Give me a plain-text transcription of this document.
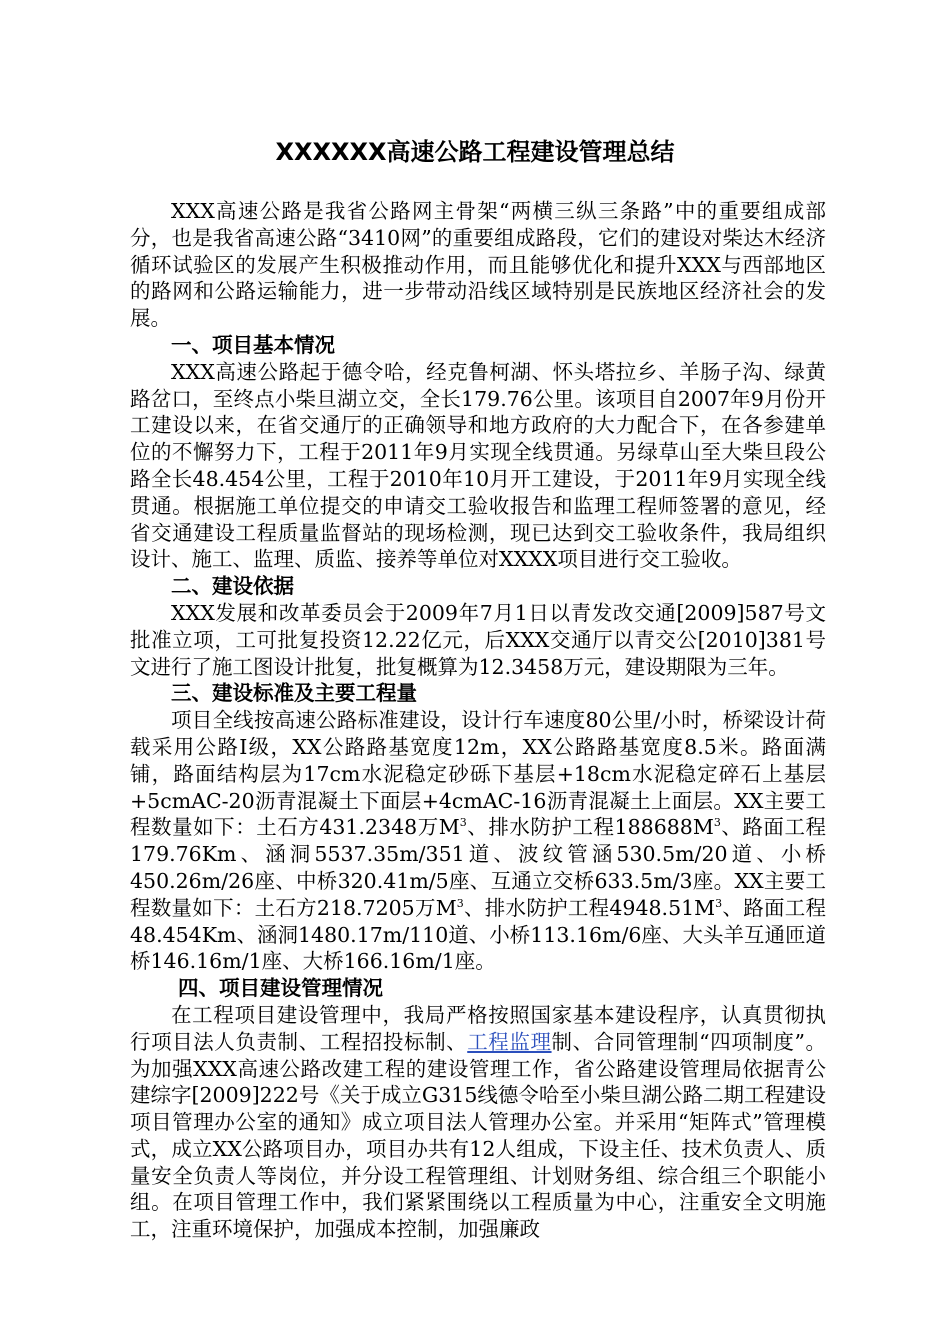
XXXXXX高速公路工程建设管理总结

XXX高速公路是我省公路网主骨架“两横三纵三条路”中的重要组成部分，也是我省高速公路“3410网”的重要组成路段，它们的建设对柴达木经济循环试验区的发展产生积极推动作用，而且能够优化和提升XXX与西部地区的路网和公路运输能力，进一步带动沿线区域特别是民族地区经济社会的发展。

一、项目基本情况

XXX高速公路起于德令哈，经克鲁柯湖、怀头塔拉乡、羊肠子沟、绿黄路岔口，至终点小柴旦湖立交，全长179.76公里。该项目自2007年9月份开工建设以来，在省交通厅的正确领导和地方政府的大力配合下，在各参建单位的不懈努力下，工程于2011年9月实现全线贯通。另绿草山至大柴旦段公路全长48.454公里，工程于2010年10月开工建设，于2011年9月实现全线贯通。根据施工单位提交的申请交工验收报告和监理工程师签署的意见，经省交通建设工程质量监督站的现场检测，现已达到交工验收条件，我局组织设计、施工、监理、质监、接养等单位对XXXX项目进行交工验收。

二、建设依据

XXX发展和改革委员会于2009年7月1日以青发改交通[2009]587号文批准立项，工可批复投资12.22亿元，后XXX交通厅以青交公[2010]381号文进行了施工图设计批复，批复概算为12.3458万元，建设期限为三年。

三、建设标准及主要工程量

项目全线按高速公路标准建设，设计行车速度80公里/小时，桥梁设计荷载采用公路Ⅰ级，XX公路路基宽度12m，XX公路路基宽度8.5米。路面满铺，路面结构层为17cm水泥稳定砂砾下基层+18cm水泥稳定碎石上基层+5cmAC-20沥青混凝土下面层+4cmAC-16沥青混凝土上面层。XX主要工程数量如下：土石方431.2348万$M^3$、排水防护工程$188688M^3$、路面工程179.76Km、涵洞5537.35m/351道、波纹管涵530.5m/20道、小桥450.26m/26座、中桥320.41m/5座、互通立交桥633.5m/3座。XX主要工程数量如下：土石方218.7205万$M^3$、排水防护工程$4948.51M^3$、路面工程48.454Km、涵洞1480.17m/110道、小桥113.16m/6座、大头羊互通匝道桥146.16m/1座、大桥166.16m/1座。

四、项目建设管理情况

在工程项目建设管理中，我局严格按照国家基本建设程序，认真贯彻执行项目法人负责制、工程招投标制、工程监理制、合同管理制“四项制度”。为加强XXX高速公路改建工程的建设管理工作，省公路建设管理局依据青公建综字[2009]222号《关于成立G315线德令哈至小柴旦湖公路二期工程建设项目管理办公室的通知》成立项目法人管理办公室。并采用“矩阵式”管理模式，成立XX公路项目办，项目办共有12人组成，下设主任、技术负责人、质量安全负责人等岗位，并分设工程管理组、计划财务组、综合组三个职能小组。在项目管理工作中，我们紧紧围绕以工程质量为中心，注重安全文明施工，注重环境保护，加强成本控制，加强廉政
